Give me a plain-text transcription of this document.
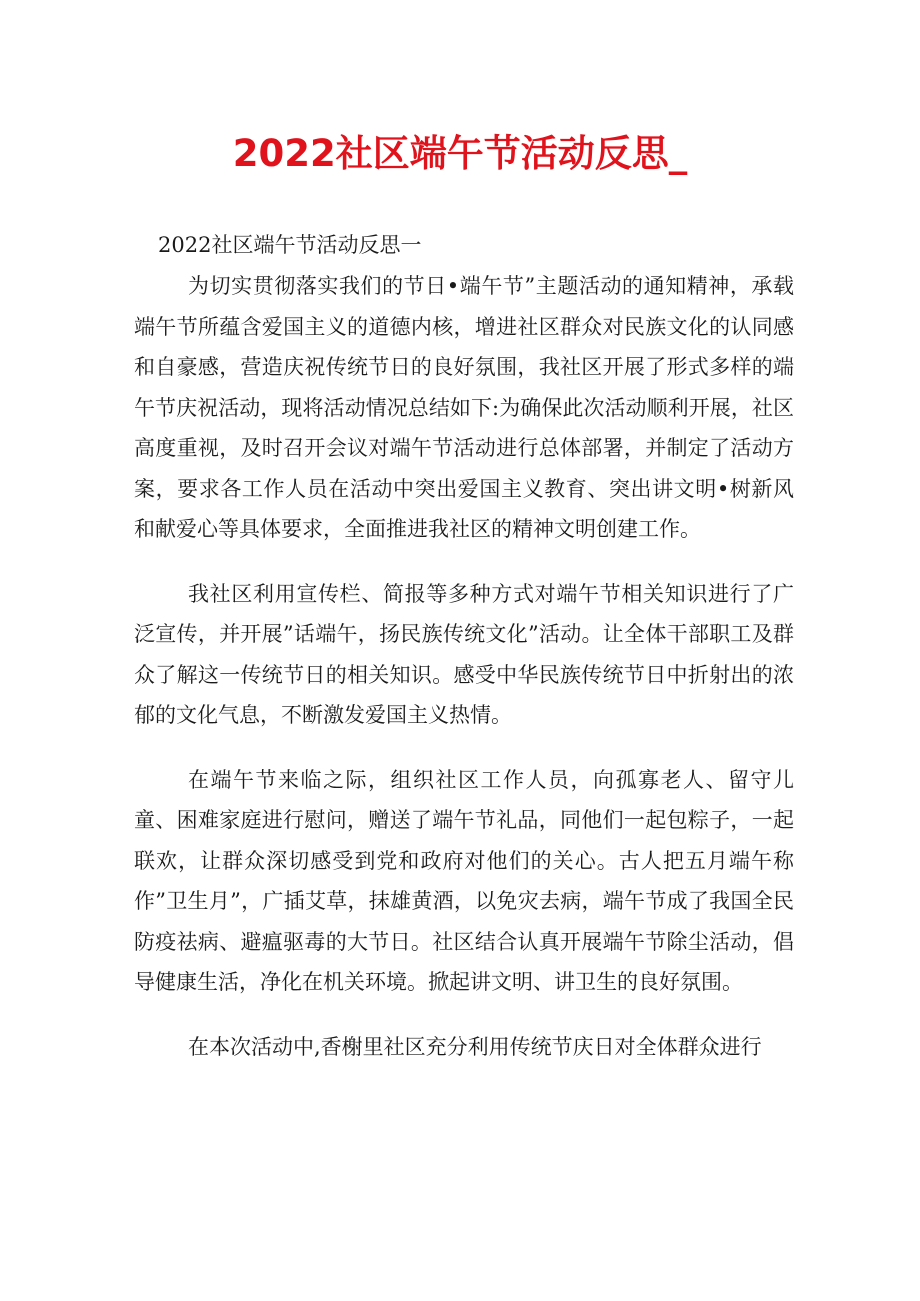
2022社区端午节活动反思_

2022社区端午节活动反思一

为切实贯彻落实我们的节日•端午节”主题活动的通知精神，承载端午节所蕴含爱国主义的道德内核，增进社区群众对民族文化的认同感和自豪感，营造庆祝传统节日的良好氛围，我社区开展了形式多样的端午节庆祝活动，现将活动情况总结如下:为确保此次活动顺利开展，社区高度重视，及时召开会议对端午节活动进行总体部署，并制定了活动方案，要求各工作人员在活动中突出爱国主义教育、突出讲文明•树新风和献爱心等具体要求，全面推进我社区的精神文明创建工作。

我社区利用宣传栏、简报等多种方式对端午节相关知识进行了广泛宣传，并开展”话端午，扬民族传统文化”活动。让全体干部职工及群众了解这一传统节日的相关知识。感受中华民族传统节日中折射出的浓郁的文化气息，不断激发爱国主义热情。

在端午节来临之际，组织社区工作人员，向孤寡老人、留守儿童、困难家庭进行慰问，赠送了端午节礼品，同他们一起包粽子，一起联欢，让群众深切感受到党和政府对他们的关心。古人把五月端午称作”卫生月”，广插艾草，抹雄黄酒，以免灾去病，端午节成了我国全民防疫祛病、避瘟驱毒的大节日。社区结合认真开展端午节除尘活动，倡导健康生活，净化在机关环境。掀起讲文明、讲卫生的良好氛围。

在本次活动中,香榭里社区充分利用传统节庆日对全体群众进行
